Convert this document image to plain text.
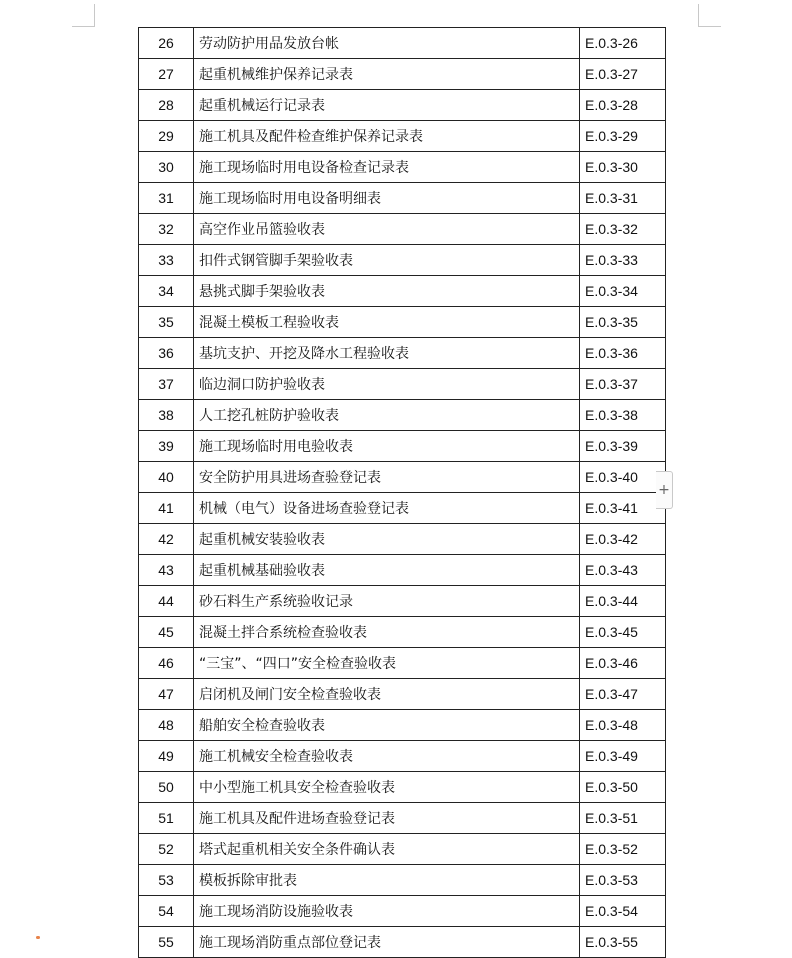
26	劳动防护用品发放台帐	E.0.3-26
27	起重机械维护保养记录表	E.0.3-27
28	起重机械运行记录表	E.0.3-28
29	施工机具及配件检查维护保养记录表	E.0.3-29
30	施工现场临时用电设备检查记录表	E.0.3-30
31	施工现场临时用电设备明细表	E.0.3-31
32	高空作业吊篮验收表	E.0.3-32
33	扣件式钢管脚手架验收表	E.0.3-33
34	悬挑式脚手架验收表	E.0.3-34
35	混凝土模板工程验收表	E.0.3-35
36	基坑支护、开挖及降水工程验收表	E.0.3-36
37	临边洞口防护验收表	E.0.3-37
38	人工挖孔桩防护验收表	E.0.3-38
39	施工现场临时用电验收表	E.0.3-39
40	安全防护用具进场查验登记表	E.0.3-40
41	机械（电气）设备进场查验登记表	E.0.3-41
42	起重机械安装验收表	E.0.3-42
43	起重机械基础验收表	E.0.3-43
44	砂石料生产系统验收记录	E.0.3-44
45	混凝土拌合系统检查验收表	E.0.3-45
46	“三宝”、“四口”安全检查验收表	E.0.3-46
47	启闭机及闸门安全检查验收表	E.0.3-47
48	船舶安全检查验收表	E.0.3-48
49	施工机械安全检查验收表	E.0.3-49
50	中小型施工机具安全检查验收表	E.0.3-50
51	施工机具及配件进场查验登记表	E.0.3-51
52	塔式起重机相关安全条件确认表	E.0.3-52
53	模板拆除审批表	E.0.3-53
54	施工现场消防设施验收表	E.0.3-54
55	施工现场消防重点部位登记表	E.0.3-55
+
